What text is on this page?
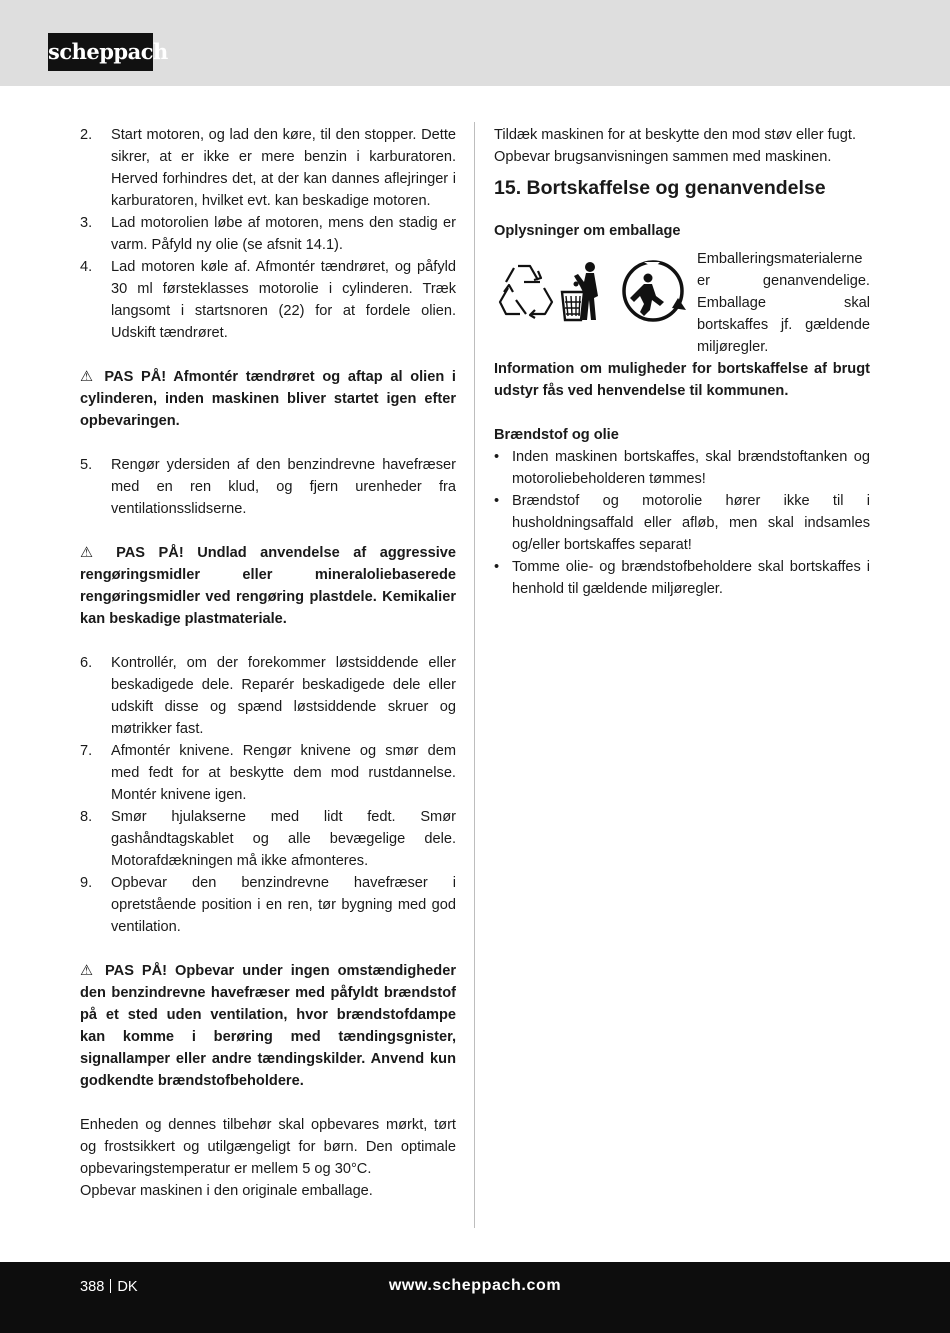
scheppach
2. Start motoren, og lad den køre, til den stopper. Dette sikrer, at er ikke er mere benzin i karburatoren. Herved forhindres det, at der kan dannes aflejringer i karburatoren, hvilket evt. kan beskadige motoren.
3. Lad motorolien løbe af motoren, mens den stadig er varm. Påfyld ny olie (se afsnit 14.1).
4. Lad motoren køle af. Afmontér tændrøret, og påfyld 30 ml førsteklasses motorolie i cylinderen. Træk langsomt i startsnoren (22) for at fordele olien. Udskift tændrøret.
⚠ PAS PÅ! Afmontér tændrøret og aftap al olien i cylinderen, inden maskinen bliver startet igen efter opbevaringen.
5. Rengør ydersiden af den benzindrevne havefræser med en ren klud, og fjern urenheder fra ventilationsslidserne.
⚠ PAS PÅ! Undlad anvendelse af aggressive rengøringsmidler eller mineraloliebaserede rengøringsmidler ved rengøring plastdele. Kemikalier kan beskadige plastmateriale.
6. Kontrollér, om der forekommer løstsiddende eller beskadigede dele. Reparér beskadigede dele eller udskift disse og spænd løstsiddende skruer og møtrikker fast.
7. Afmontér knivene. Rengør knivene og smør dem med fedt for at beskytte dem mod rustdannelse. Montér knivene igen.
8. Smør hjulakserne med lidt fedt. Smør gashåndtagskablet og alle bevægelige dele. Motorafdækningen må ikke afmonteres.
9. Opbevar den benzindrevne havefræser i opretstående position i en ren, tør bygning med god ventilation.
⚠ PAS PÅ! Opbevar under ingen omstændigheder den benzindrevne havefræser med påfyldt brændstof på et sted uden ventilation, hvor brændstofdampe kan komme i berøring med tændingsgnister, signallamper eller andre tændingskilder. Anvend kun godkendte brændstofbeholdere.
Enheden og dennes tilbehør skal opbevares mørkt, tørt og frostsikkert og utilgængeligt for børn. Den optimale opbevaringstemperatur er mellem 5 og 30°C.
Opbevar maskinen i den originale emballage.
Tildæk maskinen for at beskytte den mod støv eller fugt.
Opbevar brugsanvisningen sammen med maskinen.
15. Bortskaffelse og genanvendelse
Oplysninger om emballage
Emballeringsmaterialerne er genanvendelige. Emballage skal bortskaffes jf. gældende miljøregler.
Information om muligheder for bortskaffelse af brugt udstyr fås ved henvendelse til kommunen.
Brændstof og olie
• Inden maskinen bortskaffes, skal brændstoftanken og motoroliebeholderen tømmes!
• Brændstof og motorolie hører ikke til i husholdningsaffald eller afløb, men skal indsamles og/eller bortskaffes separat!
• Tomme olie- og brændstofbeholdere skal bortskaffes i henhold til gældende miljøregler.
388 DK	www.scheppach.com
